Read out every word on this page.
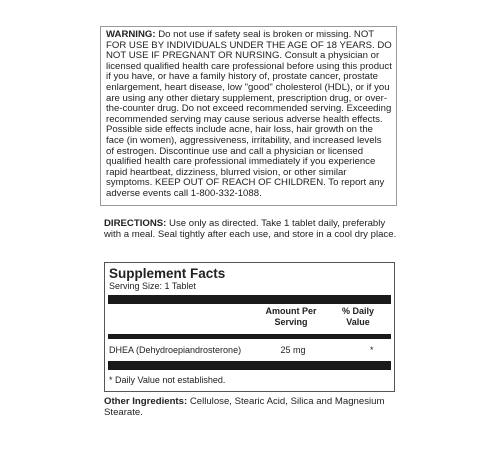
WARNING: Do not use if safety seal is broken or missing. NOT FOR USE BY INDIVIDUALS UNDER THE AGE OF 18 YEARS. DO NOT USE IF PREGNANT OR NURSING. Consult a physician or licensed qualified health care professional before using this product if you have, or have a family history of, prostate cancer, prostate enlargement, heart disease, low "good" cholesterol (HDL), or if you are using any other dietary supplement, prescription drug, or over-the-counter drug. Do not exceed recommended serving. Exceeding recommended serving may cause serious adverse health effects. Possible side effects include acne, hair loss, hair growth on the face (in women), aggressiveness, irritability, and increased levels of estrogen. Discontinue use and call a physician or licensed qualified health care professional immediately if you experience rapid heartbeat, dizziness, blurred vision, or other similar symptoms. KEEP OUT OF REACH OF CHILDREN. To report any adverse events call 1-800-332-1088.
DIRECTIONS: Use only as directed. Take 1 tablet daily, preferably with a meal. Seal tightly after each use, and store in a cool dry place.
Supplement Facts
Serving Size: 1 Tablet
Amount Per
Serving
% Daily
Value
DHEA (Dehydroepiandrosterone)	25 mg	*
* Daily Value not established.
Other Ingredients: Cellulose, Stearic Acid, Silica and Magnesium Stearate.
